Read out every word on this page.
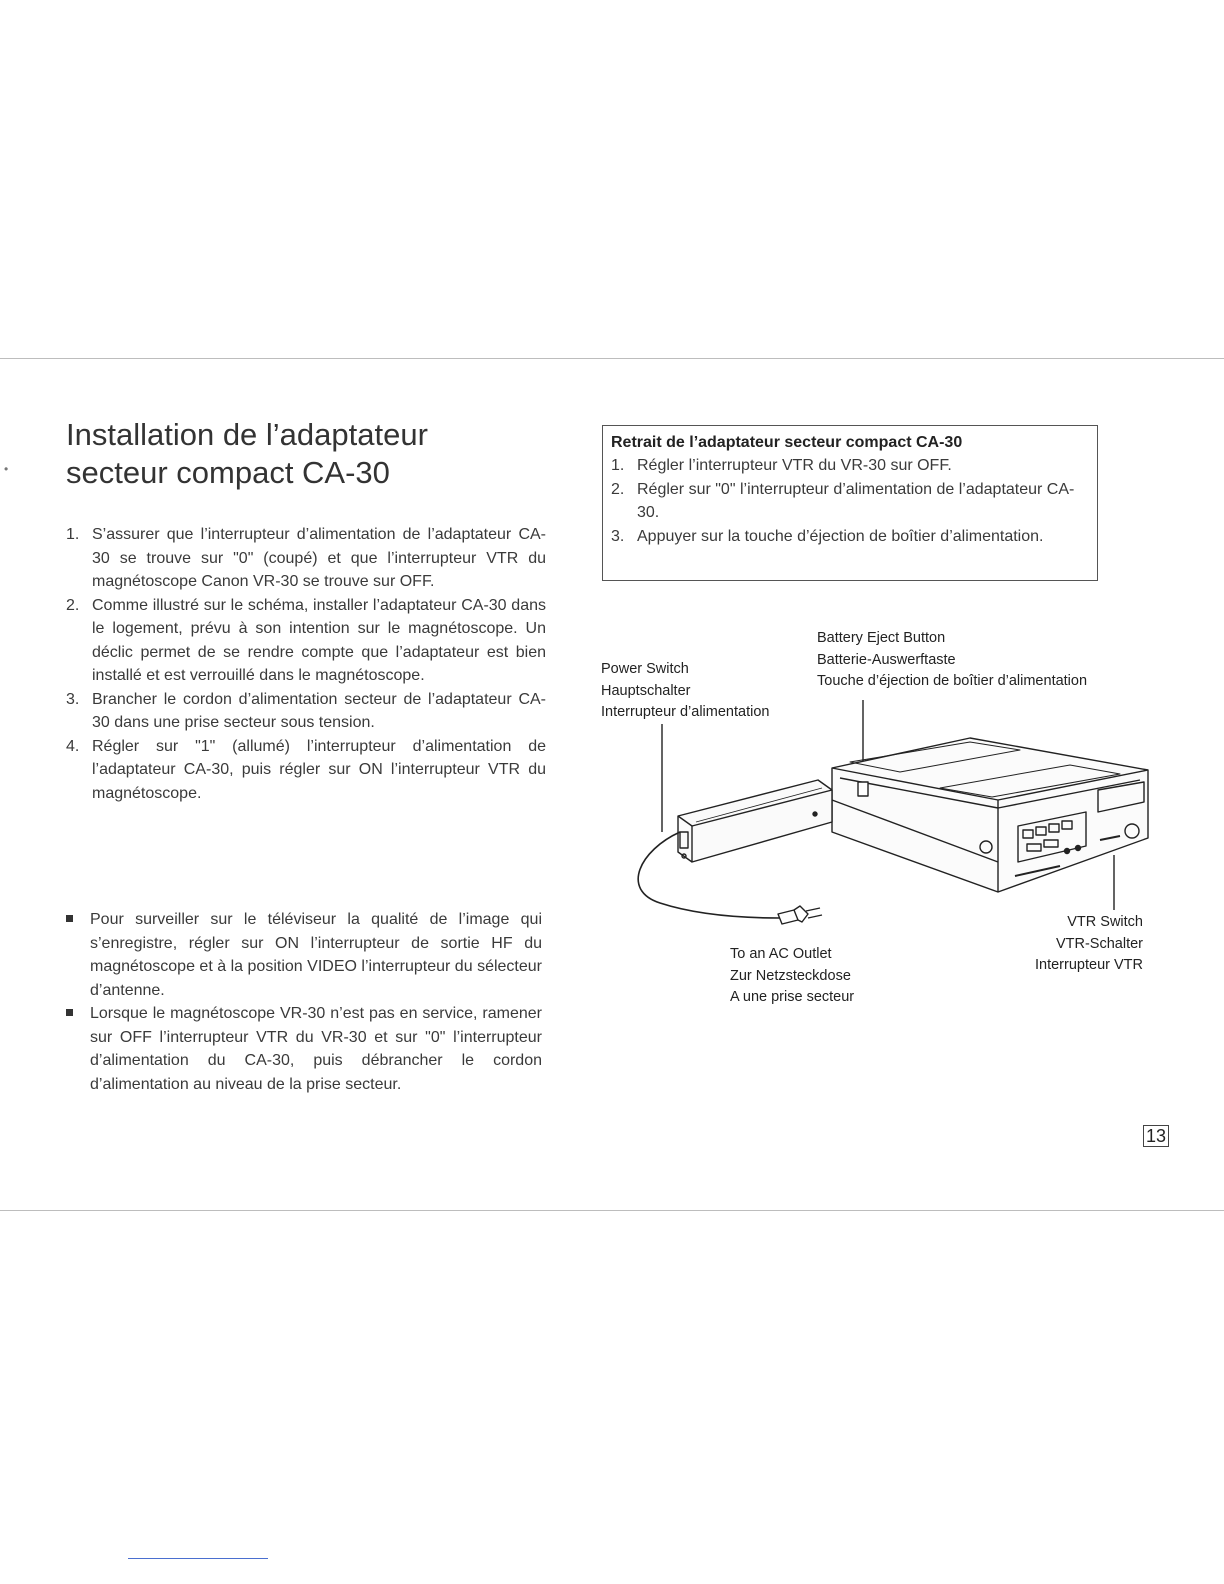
•
Installation de l’adaptateur
secteur compact CA-30
1. S’assurer que l’interrupteur d’alimentation de l’adaptateur CA-30 se trouve sur "0" (coupé) et que l’interrupteur VTR du magnétoscope Canon VR-30 se trouve sur OFF.
2. Comme illustré sur le schéma, installer l’adaptateur CA-30 dans le logement, prévu à son intention sur le magnétoscope. Un déclic permet de se rendre compte que l’adaptateur est bien installé et est verrouillé dans le magnétoscope.
3. Brancher le cordon d’alimentation secteur de l’adaptateur CA-30 dans une prise secteur sous tension.
4. Régler sur "1" (allumé) l’interrupteur d’alimentation de l’adaptateur CA-30, puis régler sur ON l’interrupteur VTR du magnétoscope.
Pour surveiller sur le téléviseur la qualité de l’image qui s’enregistre, régler sur ON l’interrupteur de sortie HF du magnétoscope et à la position VIDEO l’interrupteur du sélecteur d’antenne.
Lorsque le magnétoscope VR-30 n’est pas en service, ramener sur OFF l’interrupteur VTR du VR-30 et sur "0" l’interrupteur d’alimentation du CA-30, puis débrancher le cordon d’alimentation au niveau de la prise secteur.
Retrait de l’adaptateur secteur compact CA-30
1. Régler l’interrupteur VTR du VR-30 sur OFF.
2. Régler sur "0" l’interrupteur d’alimentation de l’adaptateur CA-30.
3. Appuyer sur la touche d’éjection de boîtier d’alimentation.
Battery Eject Button
Batterie-Auswerftaste
Touche d’éjection de boîtier d’alimentation
Power Switch
Hauptschalter
Interrupteur d’alimentation
VTR Switch
VTR-Schalter
Interrupteur VTR
To an AC Outlet
Zur Netzsteckdose
A une prise secteur
13
